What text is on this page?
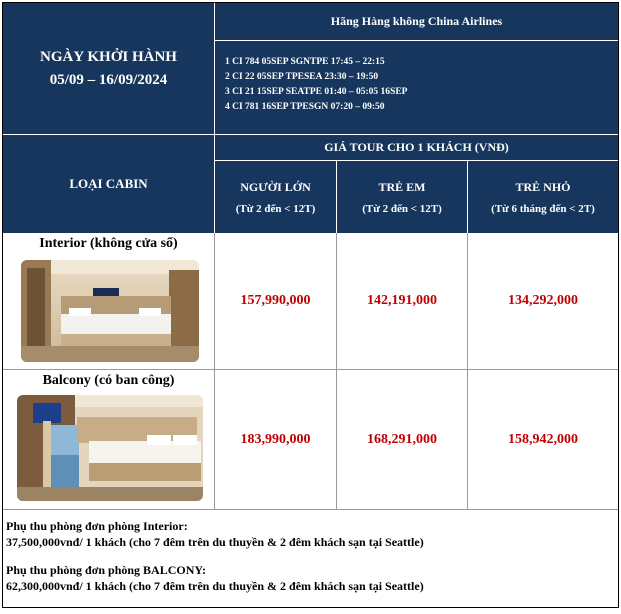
NGÀY KHỞI HÀNH
05/09 – 16/09/2024
Hãng Hàng không China Airlines
1 CI 784 05SEP SGNTPE 17:45 – 22:15
2 CI 22 05SEP TPESEA 23:30 – 19:50
3 CI 21 15SEP SEATPE 01:40 – 05:05 16SEP
4 CI 781 16SEP TPESGN 07:20 – 09:50
LOẠI CABIN
GIÁ TOUR CHO 1 KHÁCH (VNĐ)
NGƯỜI LỚN
(Từ 2 đến < 12T)
TRẺ EM
(Từ 2 đến < 12T)
TRẺ NHỎ
(Từ 6 tháng đến < 2T)
Interior (không cửa sổ)
157,990,000	142,191,000	134,292,000
Balcony (có ban công)
183,990,000	168,291,000	158,942,000
Phụ thu phòng đơn phòng Interior:
37,500,000vnđ/ 1 khách (cho 7 đêm trên du thuyền & 2 đêm khách sạn tại Seattle)
Phụ thu phòng đơn phòng BALCONY:
62,300,000vnđ/ 1 khách (cho 7 đêm trên du thuyền & 2 đêm khách sạn tại Seattle)
